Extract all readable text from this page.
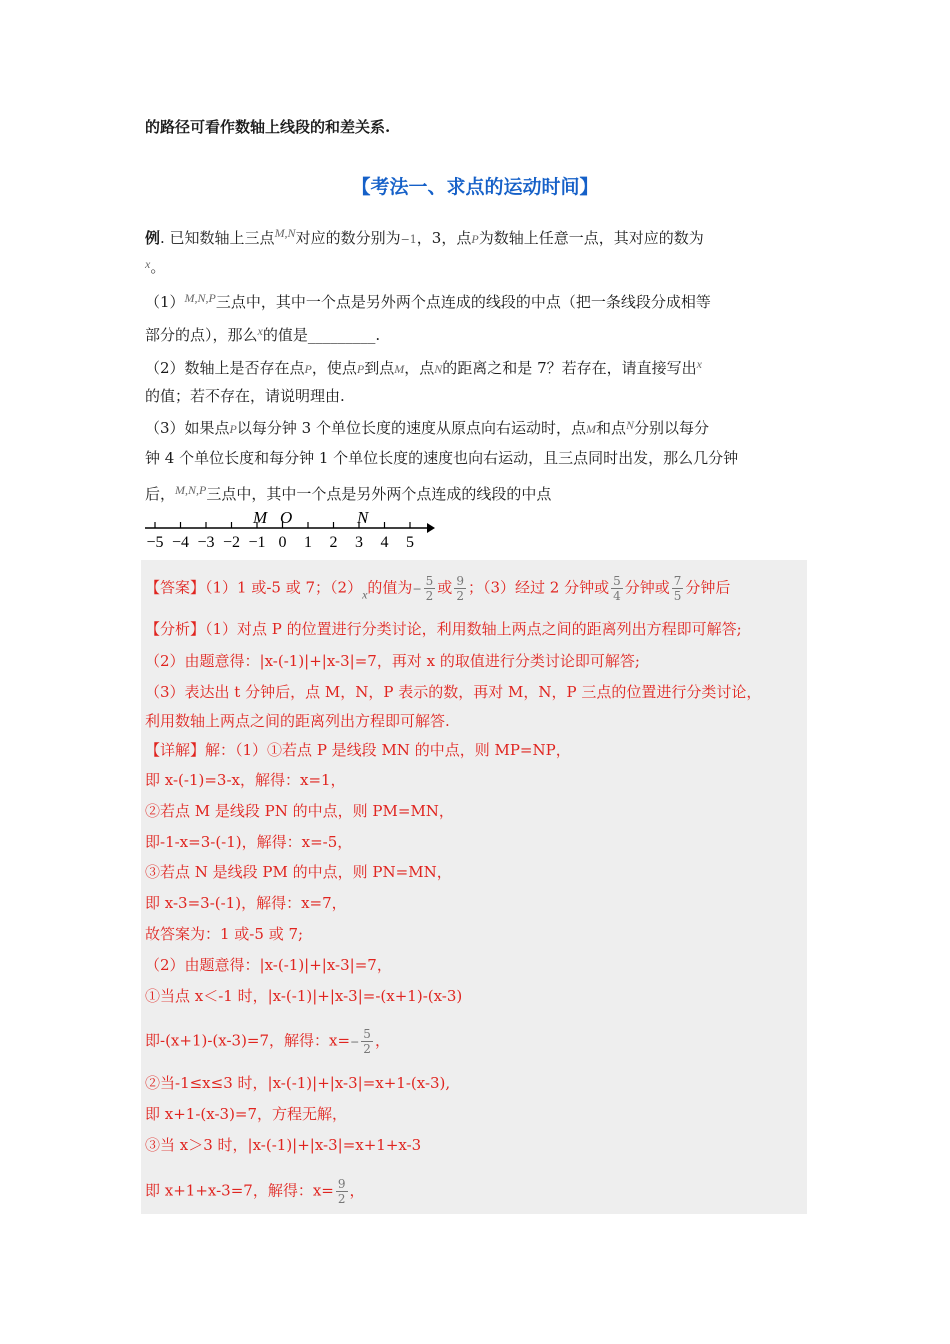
的路径可看作数轴上线段的和差关系.
【考法一、求点的运动时间】
例. 已知数轴上三点$^{M,N}$对应的数分别为−1，3，点P为数轴上任意一点，其对应的数为
$^x$。
$(1)^{M,N,P}$三点中，其中一个点是另外两个点连成的线段的中点（把一条线段分成相等
部分的点），那么$^x$的值是_________.
（2）数轴上是否存在点P，使点P到点M，点N的距离之和是 7？若存在，请直接写出$^x$
的值；若不存在，请说明理由.
（3）如果点P以每分钟 3 个单位长度的速度从原点向右运动时，点M和点$^N$分别以每分
钟 4 个单位长度和每分钟 1 个单位长度的速度也向右运动，且三点同时出发，那么几分钟
后，$^{M,N,P}$三点中，其中一个点是另外两个点连成的线段的中点
−5 −4 −3 −2 −1 0 1 2 3 4 5
M O	N
【答案】（1）1 或-5 或 7；$(2)_x$的值为− $\frac{5}{2}$ 或 $\frac{9}{2}$ ；（3）经过 2 分钟或 $\frac{5}{4}$ 分钟或 $\frac{7}{5}$ 分钟后
【分析】（1）对点 P 的位置进行分类讨论，利用数轴上两点之间的距离列出方程即可解答;
（2）由题意得：|x-(-1)|+|x-3|=7，再对 x 的取值进行分类讨论即可解答;
（3）表达出 t 分钟后，点 M，N，P 表示的数，再对 M，N，P 三点的位置进行分类讨论，
利用数轴上两点之间的距离列出方程即可解答.
【详解】解：（1）①若点 P 是线段 MN 的中点，则 MP=NP，
即 x-(-1)=3-x，解得：x=1，
②若点 M 是线段 PN 的中点，则 PM=MN，
即-1-x=3-(-1)，解得：x=-5，
③若点 N 是线段 PM 的中点，则 PN=MN，
即 x-3=3-(-1)，解得：x=7，
故答案为：1 或-5 或 7;
（2）由题意得：|x-(-1)|+|x-3|=7，
①当点 x＜-1 时，|x-(-1)|+|x-3|=-(x+1)-(x-3)
即-(x+1)-(x-3)=7，解得：$x=- \frac{5}{2}$ ，
②当-1≤x≤3 时，|x-(-1)|+|x-3|=x+1-(x-3),
即 x+1-(x-3)=7，方程无解，
③当 x＞3 时，|x-(-1)|+|x-3|=x+1+x-3
即 x+1+x-3=7，解得：$x= \frac{9}{2}$ ，
